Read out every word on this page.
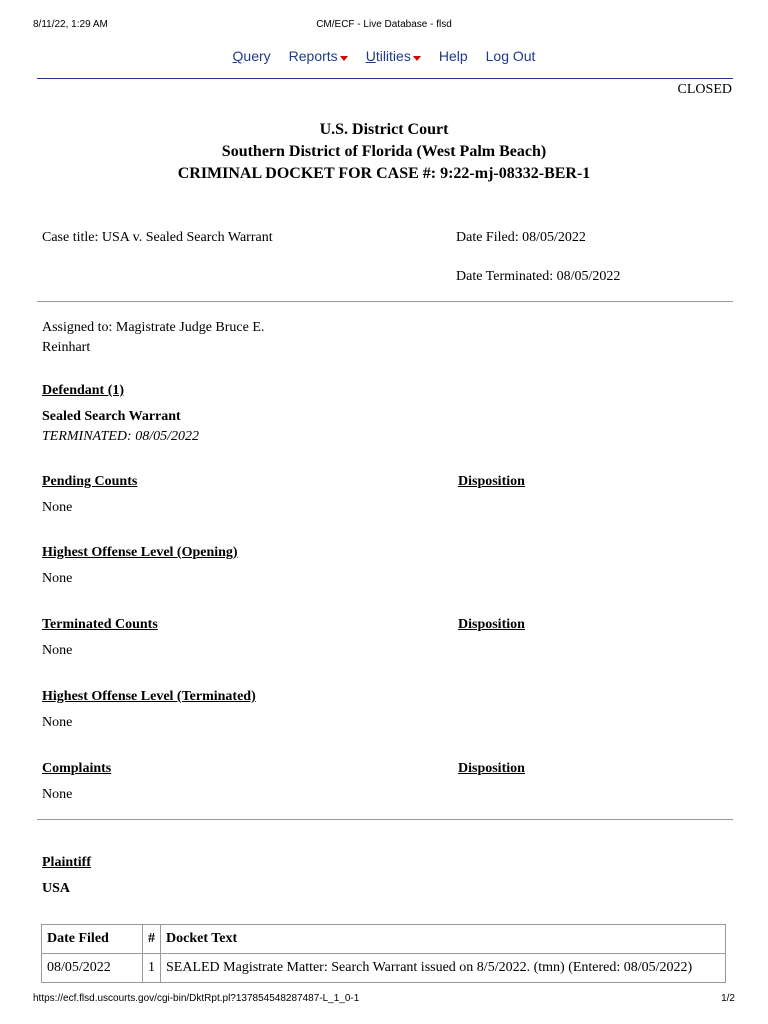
8/11/22, 1:29 AM	CM/ECF - Live Database - flsd
Query Reports	Utilities	Help Log Out
CLOSED
U.S. District Court
Southern District of Florida (West Palm Beach)
CRIMINAL DOCKET FOR CASE #: 9:22-mj-08332-BER-1
Case title: USA v. Sealed Search Warrant	Date Filed: 08/05/2022
Date Terminated: 08/05/2022
Assigned to: Magistrate Judge Bruce E.
Reinhart
Defendant (1)
Sealed Search Warrant
TERMINATED: 08/05/2022
Pending Counts	Disposition
None
Highest Offense Level (Opening)
None
Terminated Counts	Disposition
None
Highest Offense Level (Terminated)
None
Complaints	Disposition
None
Plaintiff
USA
Date Filed	#	Docket Text
08/05/2022	1	SEALED Magistrate Matter: Search Warrant issued on 8/5/2022. (tmn) (Entered: 08/05/2022)
https://ecf.flsd.uscourts.gov/cgi-bin/DktRpt.pl?137854548287487-L_1_0-1	1/2
